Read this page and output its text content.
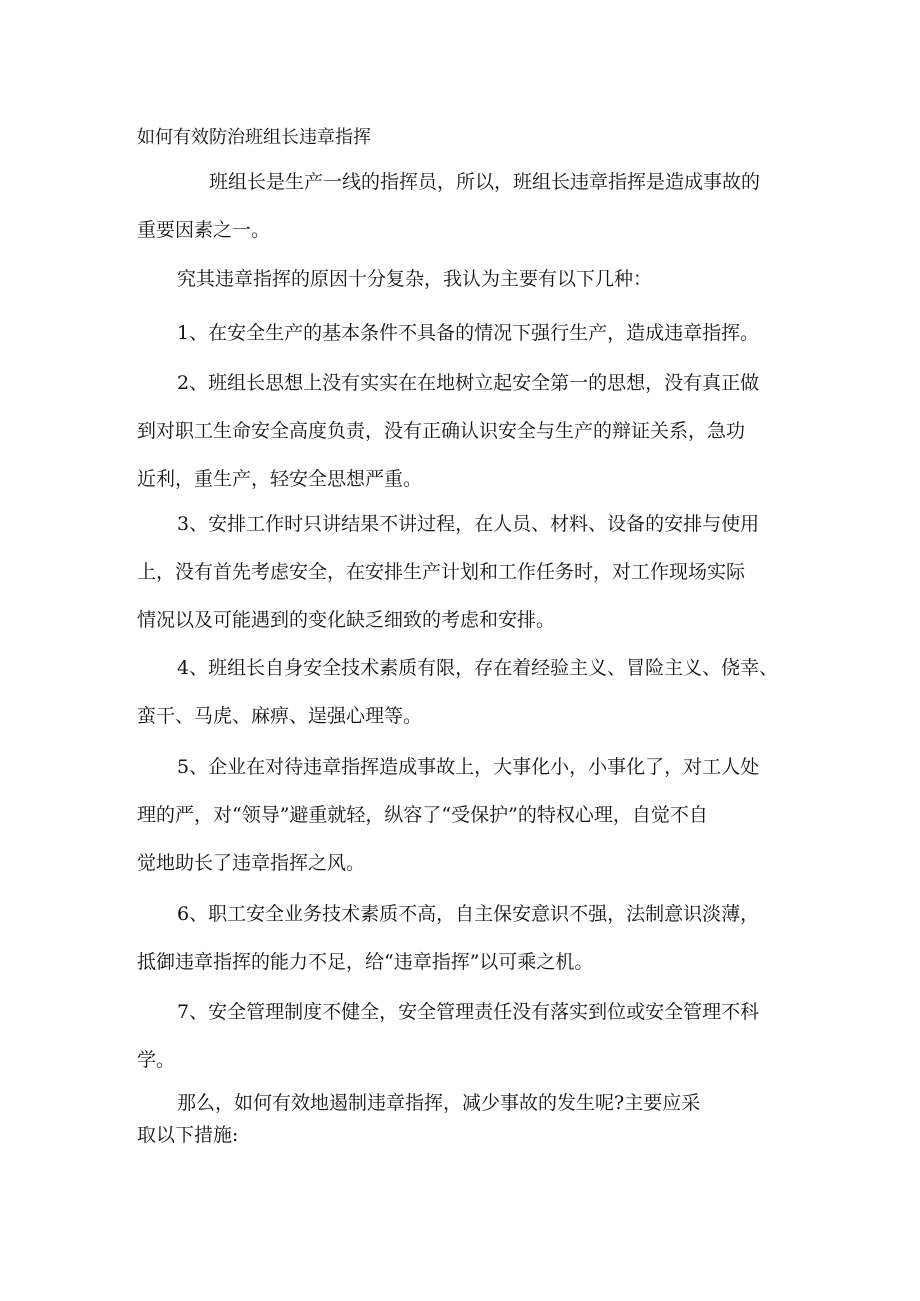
如何有效防治班组长违章指挥
班组长是生产一线的指挥员，所以，班组长违章指挥是造成事故的
重要因素之一。
究其违章指挥的原因十分复杂，我认为主要有以下几种：
1、在安全生产的基本条件不具备的情况下强行生产，造成违章指挥。
2、班组长思想上没有实实在在地树立起安全第一的思想，没有真正做
到对职工生命安全高度负责，没有正确认识安全与生产的辩证关系，急功
近利，重生产，轻安全思想严重。
3、安排工作时只讲结果不讲过程，在人员、材料、设备的安排与使用
上，没有首先考虑安全，在安排生产计划和工作任务时，对工作现场实际
情况以及可能遇到的变化缺乏细致的考虑和安排。
4、班组长自身安全技术素质有限，存在着经验主义、冒险主义、侥幸、
蛮干、马虎、麻痹、逞强心理等。
5、企业在对待违章指挥造成事故上，大事化小，小事化了，对工人处
理的严，对“领导”避重就轻，纵容了“受保护”的特权心理，自觉不自
觉地助长了违章指挥之风。
6、职工安全业务技术素质不高，自主保安意识不强，法制意识淡薄，
抵御违章指挥的能力不足，给“违章指挥”以可乘之机。
7、安全管理制度不健全，安全管理责任没有落实到位或安全管理不科
学。
那么，如何有效地遏制违章指挥，减少事故的发生呢?主要应采
取以下措施:
